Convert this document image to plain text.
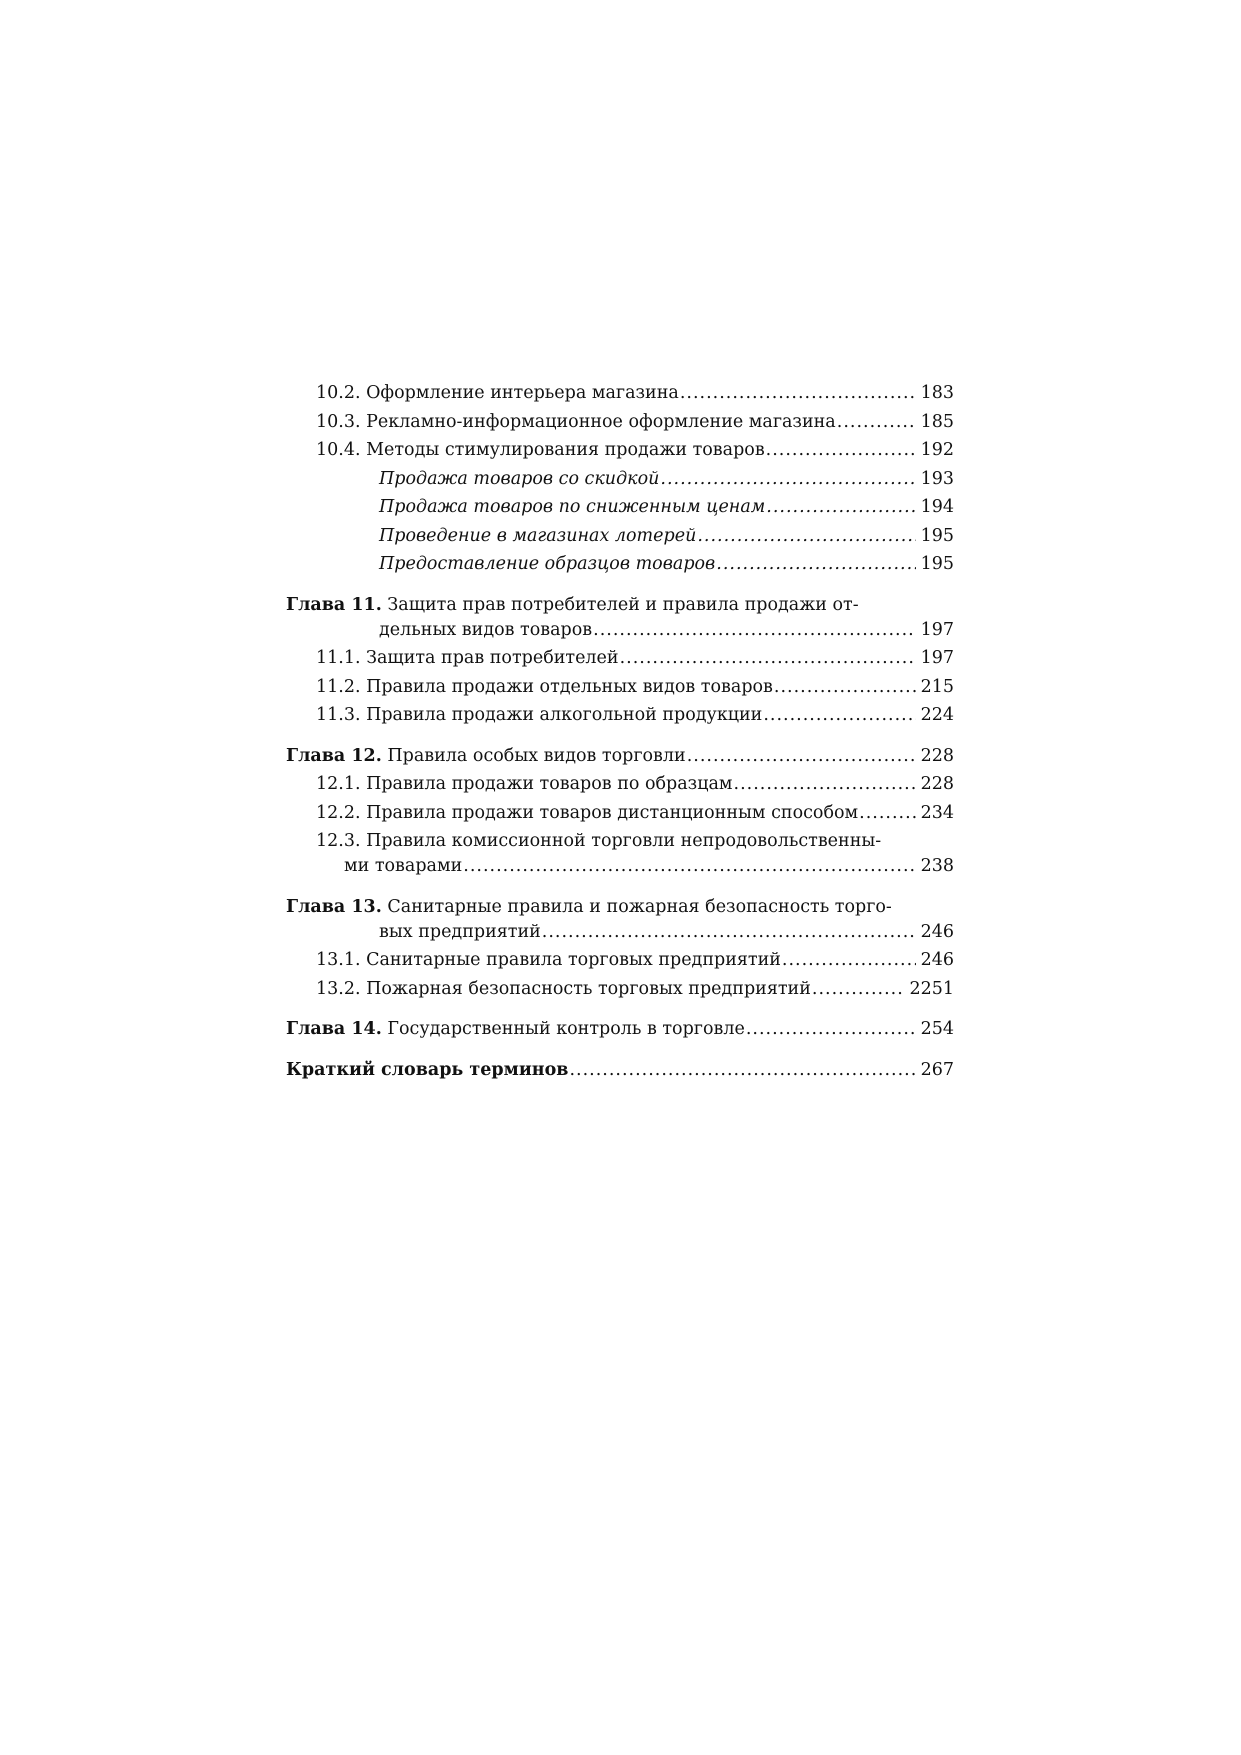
10.2. Оформление интерьера магазина .....	183
10.3. Рекламно-информационное оформление магазина .....	185
10.4. Методы стимулирования продажи товаров .....	192
Продажа товаров со скидкой .....	193
Продажа товаров по сниженным ценам .....	194
Проведение в магазинах лотерей .....	195
Предоставление образцов товаров .....	195
Глава 11. Защита прав потребителей и правила продажи от-
дельных видов товаров .....	197
11.1. Защита прав потребителей .....	197
11.2. Правила продажи отдельных видов товаров .....	215
11.3. Правила продажи алкогольной продукции .....	224
Глава 12. Правила особых видов торговли .....	228
12.1. Правила продажи товаров по образцам .....	228
12.2. Правила продажи товаров дистанционным способом .....	234
12.3. Правила комиссионной торговли непродовольственны-
ми товарами .....	238
Глава 13. Санитарные правила и пожарная безопасность торго-
вых предприятий .....	246
13.1. Санитарные правила торговых предприятий .....	246
13.2. Пожарная безопасность торговых предприятий .....	2251
Глава 14. Государственный контроль в торговле .....	254
Краткий словарь терминов .....	267
